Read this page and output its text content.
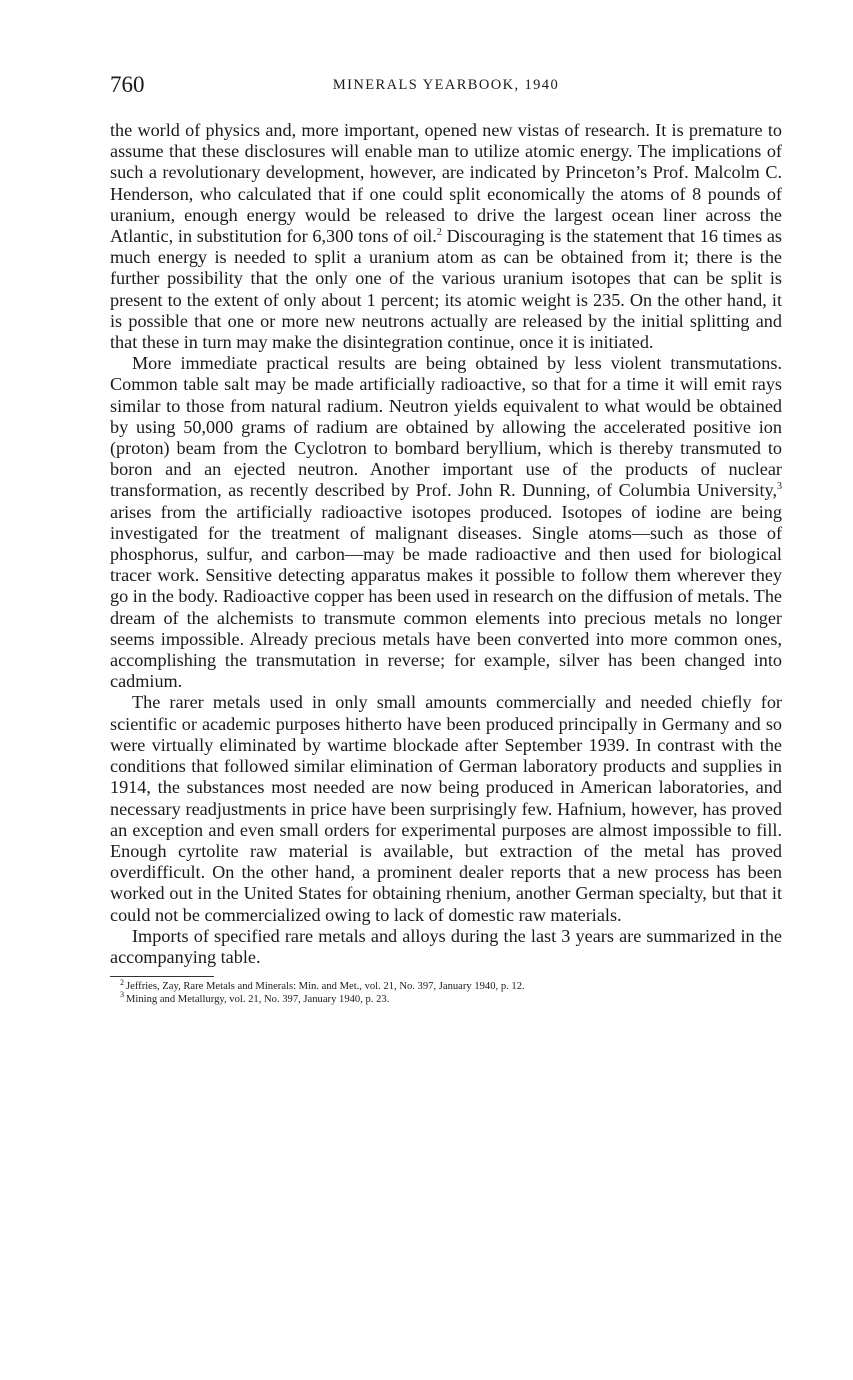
760	MINERALS YEARBOOK, 1940

the world of physics and, more important, opened new vistas of research. It is premature to assume that these disclosures will enable man to utilize atomic energy. The implications of such a revolutionary development, however, are indicated by Princeton’s Prof. Malcolm C. Henderson, who calculated that if one could split economically the atoms of 8 pounds of uranium, enough energy would be released to drive the largest ocean liner across the Atlantic, in substitution for 6,300 tons of oil.$^2$ Discouraging is the statement that 16 times as much energy is needed to split a uranium atom as can be obtained from it; there is the further possibility that the only one of the various uranium isotopes that can be split is present to the extent of only about 1 percent; its atomic weight is 235. On the other hand, it is possible that one or more new neutrons actually are released by the initial splitting and that these in turn may make the disintegration continue, once it is initiated.

More immediate practical results are being obtained by less violent transmutations. Common table salt may be made artificially radioactive, so that for a time it will emit rays similar to those from natural radium. Neutron yields equivalent to what would be obtained by using 50,000 grams of radium are obtained by allowing the accelerated positive ion (proton) beam from the Cyclotron to bombard beryllium, which is thereby transmuted to boron and an ejected neutron. Another important use of the products of nuclear transformation, as recently described by Prof. John R. Dunning, of Columbia University,$^3$ arises from the artificially radioactive isotopes produced. Isotopes of iodine are being investigated for the treatment of malignant diseases. Single atoms—such as those of phosphorus, sulfur, and carbon—may be made radioactive and then used for biological tracer work. Sensitive detecting apparatus makes it possible to follow them wherever they go in the body. Radioactive copper has been used in research on the diffusion of metals. The dream of the alchemists to transmute common elements into precious metals no longer seems impossible. Already precious metals have been converted into more common ones, accomplishing the transmutation in reverse; for example, silver has been changed into cadmium.

The rarer metals used in only small amounts commercially and needed chiefly for scientific or academic purposes hitherto have been produced principally in Germany and so were virtually eliminated by wartime blockade after September 1939. In contrast with the conditions that followed similar elimination of German laboratory products and supplies in 1914, the substances most needed are now being produced in American laboratories, and necessary readjustments in price have been surprisingly few. Hafnium, however, has proved an exception and even small orders for experimental purposes are almost impossible to fill. Enough cyrtolite raw material is available, but extraction of the metal has proved overdifficult. On the other hand, a prominent dealer reports that a new process has been worked out in the United States for obtaining rhenium, another German specialty, but that it could not be commercialized owing to lack of domestic raw materials.

Imports of specified rare metals and alloys during the last 3 years are summarized in the accompanying table.

$^2$ Jeffries, Zay, Rare Metals and Minerals: Min. and Met., vol. 21, No. 397, January 1940, p. 12.
$^3$ Mining and Metallurgy, vol. 21, No. 397, January 1940, p. 23.
